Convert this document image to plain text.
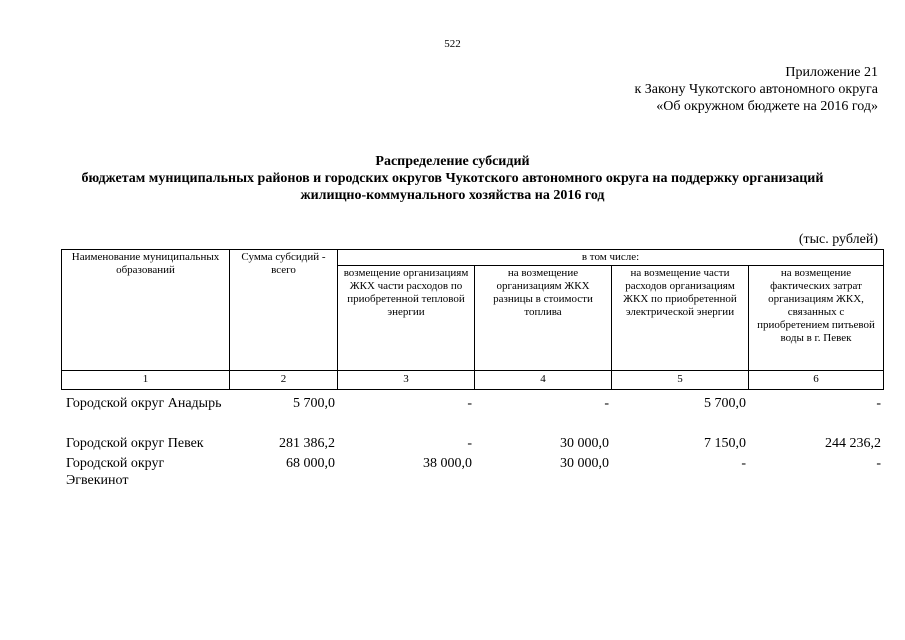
522
Приложение 21
к Закону Чукотского автономного округа
«Об окружном бюджете на 2016 год»
Распределение субсидий
бюджетам муниципальных районов и городских округов Чукотского автономного округа на поддержку организаций
жилищно-коммунального хозяйства на 2016 год
(тыс. рублей)
Наименование муниципальных образований	Сумма субсидий - всего	в том числе:			
		возмещение организациям ЖКХ части расходов по приобретенной тепловой энергии	на возмещение организациям ЖКХ разницы в стоимости топлива	на возмещение части расходов организациям ЖКХ по приобретенной электрической энергии	на возмещение фактических затрат организациям ЖКХ, связанных с приобретением питьевой воды в г. Певек
1	2	3	4	5	6
Городской округ Анадырь	5 700,0	-	-	5 700,0	-
Городской округ Певек	281 386,2	-	30 000,0	7 150,0	244 236,2
Городской округ Эгвекинот	68 000,0	38 000,0	30 000,0	-	-
